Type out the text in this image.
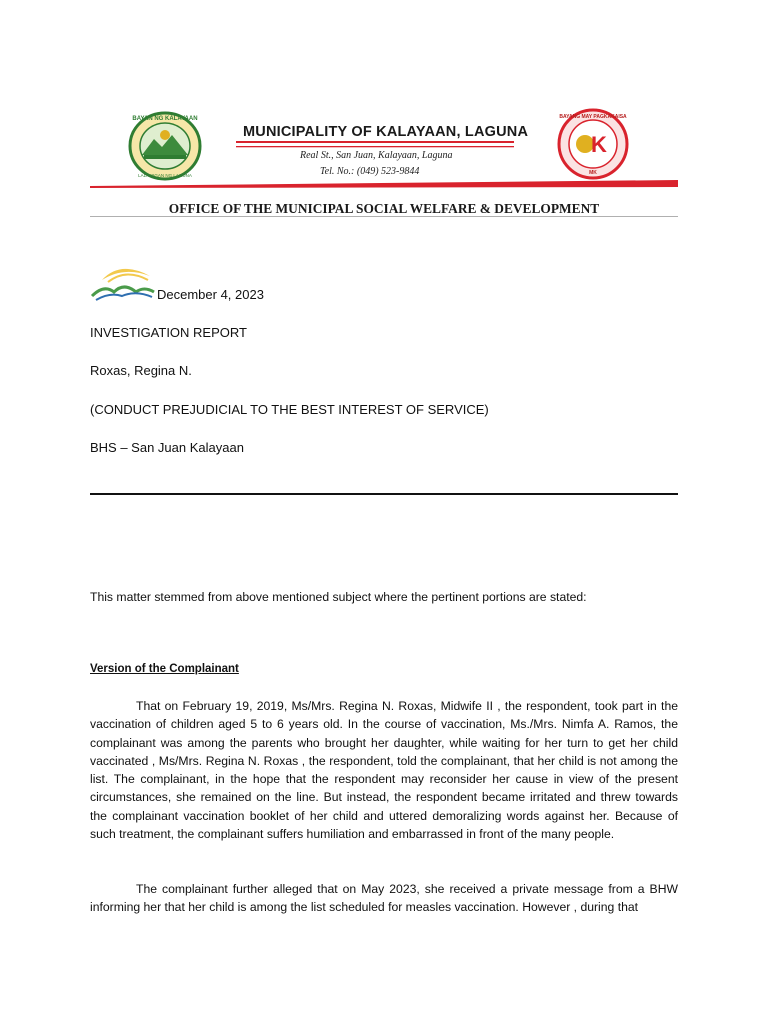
BAYAN NG KALAYAAN
LALAWIGAN NG LAGUNA
MUNICIPALITY OF KALAYAAN, LAGUNA
Real St., San Juan, Kalayaan, Laguna
Tel. No.: (049) 523-9844
K
BAYANG MAY PAGKAKAISA
MK
OFFICE OF THE MUNICIPAL SOCIAL WELFARE & DEVELOPMENT
December 4, 2023
INVESTIGATION REPORT
Roxas, Regina N.
(CONDUCT PREJUDICIAL TO THE BEST INTEREST OF SERVICE)
BHS – San Juan Kalayaan
This matter stemmed from above mentioned subject where the pertinent portions are stated:
Version of the Complainant
That on February 19, 2019, Ms/Mrs. Regina N. Roxas, Midwife II , the respondent, took part in the vaccination of children aged 5 to 6 years old. In the course of vaccination, Ms./Mrs. Nimfa A. Ramos, the complainant was among the parents who brought her daughter, while waiting for her turn to get her child vaccinated , Ms/Mrs. Regina N. Roxas , the respondent, told the complainant, that her child is not among the list. The complainant, in the hope that the respondent may reconsider her cause in view of the present circumstances, she remained on the line. But instead, the respondent became irritated and threw towards the complainant vaccination booklet of her child and uttered demoralizing words against her. Because of such treatment, the complainant suffers humiliation and embarrassed in front of the many people.
The complainant further alleged that on May 2023, she received a private message from a BHW informing her that her child is among the list scheduled for measles vaccination. However , during that
